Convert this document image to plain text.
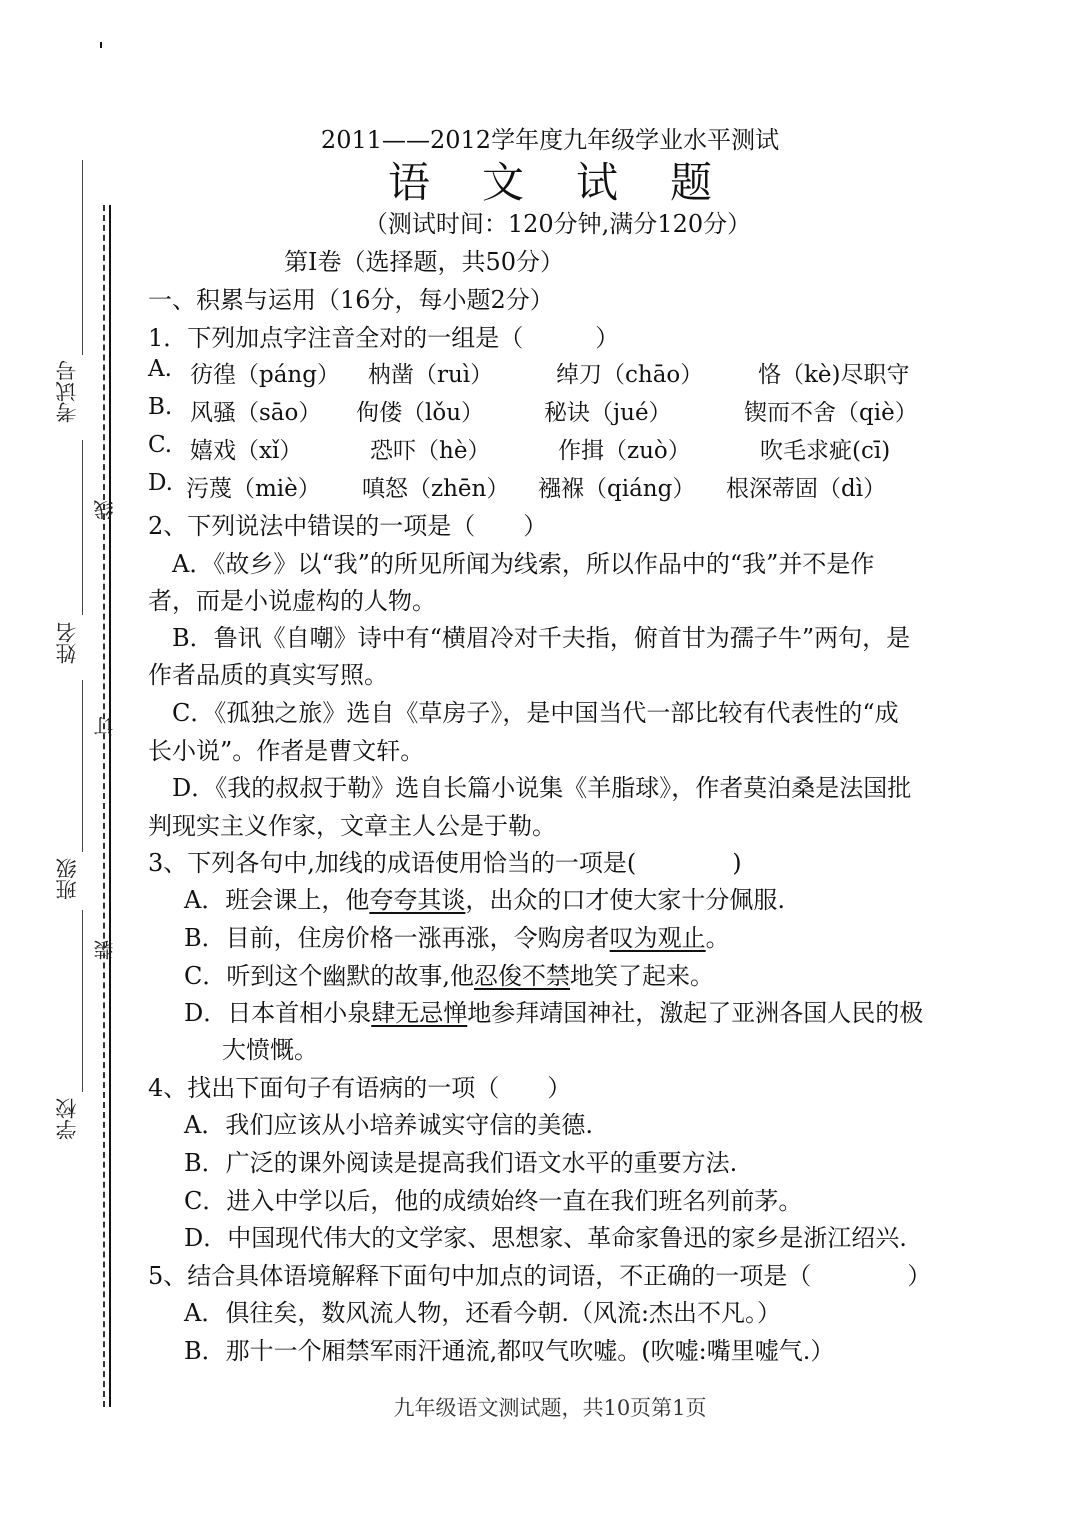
考试号
姓名
班级
学校
线
订
装
2011——2012学年度九年级学业水平测试
语文试题
（测试时间：120分钟,满分120分）
第Ⅰ卷（选择题，共50分）
一、积累与运用（16分，每小题2分）
1．下列加点字注音全对的一组是（　　　）
A. 彷徨（páng） 枘凿（ruì）	绰刀（chāo） 恪（kè)尽职守
B. 风骚（sāo） 佝偻（lǒu）	秘诀（jué）	锲而不舍（qiè）
C. 嬉戏（xǐ）	恐吓（hè）	作揖（zuò）	吹毛求疵(cī)
D. 污蔑（miè） 嗔怒（zhēn） 襁褓（qiáng） 根深蒂固（dì）
2、下列说法中错误的一项是（　　）
A．《故乡》以“我”的所见所闻为线索，所以作品中的“我”并不是作
者，而是小说虚构的人物。
B．鲁讯《自嘲》诗中有“横眉冷对千夫指，俯首甘为孺子牛”两句，是
作者品质的真实写照。
C．《孤独之旅》选自《草房子》，是中国当代一部比较有代表性的“成
长小说”。作者是曹文轩。
D．《我的叔叔于勒》选自长篇小说集《羊脂球》，作者莫泊桑是法国批
判现实主义作家，文章主人公是于勒。
3、下列各句中,加线的成语使用恰当的一项是(　　　　)
A．班会课上，他夸夸其谈，出众的口才使大家十分佩服.
B．目前，住房价格一涨再涨，令购房者叹为观止。
C．听到这个幽默的故事,他忍俊不禁地笑了起来。
D．日本首相小泉肆无忌惮地参拜靖国神社，激起了亚洲各国人民的极
大愤慨。
4、找出下面句子有语病的一项（　　）
A．我们应该从小培养诚实守信的美德.
B．广泛的课外阅读是提高我们语文水平的重要方法.
C．进入中学以后，他的成绩始终一直在我们班名列前茅。
D．中国现代伟大的文学家、思想家、革命家鲁迅的家乡是浙江绍兴.
5、结合具体语境解释下面句中加点的词语，不正确的一项是（　　　　）
A．俱往矣，数风流人物，还看今朝.（风流:杰出不凡。）
B．那十一个厢禁军雨汗通流,都叹气吹嘘。(吹嘘:嘴里嘘气.）
九年级语文测试题，共10页第1页
